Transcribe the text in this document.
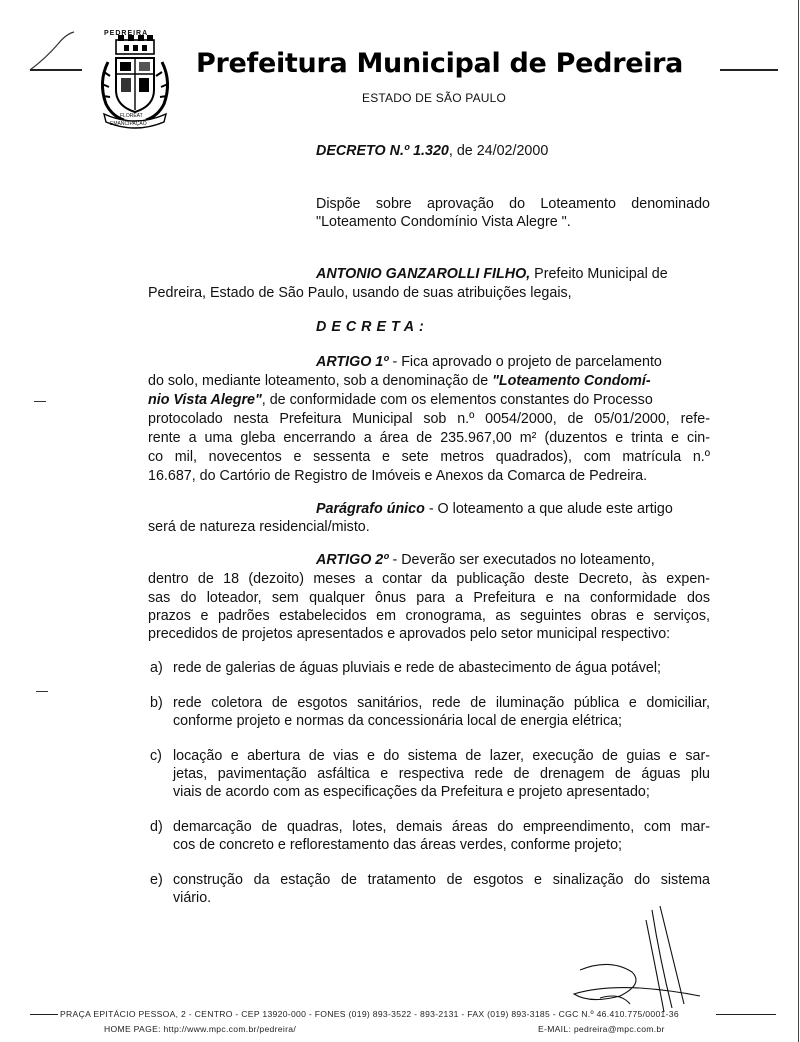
PEDREIRA
FLOREAT
EMANCIPAÇÃO
Prefeitura Municipal de Pedreira
ESTADO DE SÃO PAULO
DECRETO N.º 1.320, de 24/02/2000
Dispõe sobre aprovação do Loteamento denominado
"Loteamento Condomínio Vista Alegre ".
ANTONIO GANZAROLLI FILHO, Prefeito Municipal de
Pedreira, Estado de São Paulo, usando de suas atribuições legais,
DECRETA:
ARTIGO 1º - Fica aprovado o projeto de parcelamento
do solo, mediante loteamento, sob a denominação de "Loteamento Condomí-
nio Vista Alegre", de conformidade com os elementos constantes do Processo
protocolado nesta Prefeitura Municipal sob n.º 0054/2000, de 05/01/2000, refe-
rente a uma gleba encerrando a área de 235.967,00 m² (duzentos e trinta e cin-
co mil, novecentos e sessenta e sete metros quadrados), com matrícula n.º
16.687, do Cartório de Registro de Imóveis e Anexos da Comarca de Pedreira.
Parágrafo único - O loteamento a que alude este artigo
será de natureza residencial/misto.
ARTIGO 2º - Deverão ser executados no loteamento,
dentro de 18 (dezoito) meses a contar da publicação deste Decreto, às expen-
sas do loteador, sem qualquer ônus para a Prefeitura e na conformidade dos
prazos e padrões estabelecidos em cronograma, as seguintes obras e serviços,
precedidos de projetos apresentados e aprovados pelo setor municipal respectivo:
a) rede de galerias de águas pluviais e rede de abastecimento de água potável;
b) rede coletora de esgotos sanitários, rede de iluminação pública e domiciliar,
conforme projeto e normas da concessionária local de energia elétrica;
c) locação e abertura de vias e do sistema de lazer, execução de guias e sar-
jetas, pavimentação asfáltica e respectiva rede de drenagem de águas plu
viais de acordo com as especificações da Prefeitura e projeto apresentado;
d) demarcação de quadras, lotes, demais áreas do empreendimento, com mar-
cos de concreto e reflorestamento das áreas verdes, conforme projeto;
e) construção da estação de tratamento de esgotos e sinalização do sistema
viário.
PRAÇA EPITÁCIO PESSOA, 2 - CENTRO - CEP 13920-000 - FONES (019) 893-3522 - 893-2131 - FAX (019) 893-3185 - CGC N.º 46.410.775/0001-36
HOME PAGE: http://www.mpc.com.br/pedreira/	E-MAIL: pedreira@mpc.com.br
